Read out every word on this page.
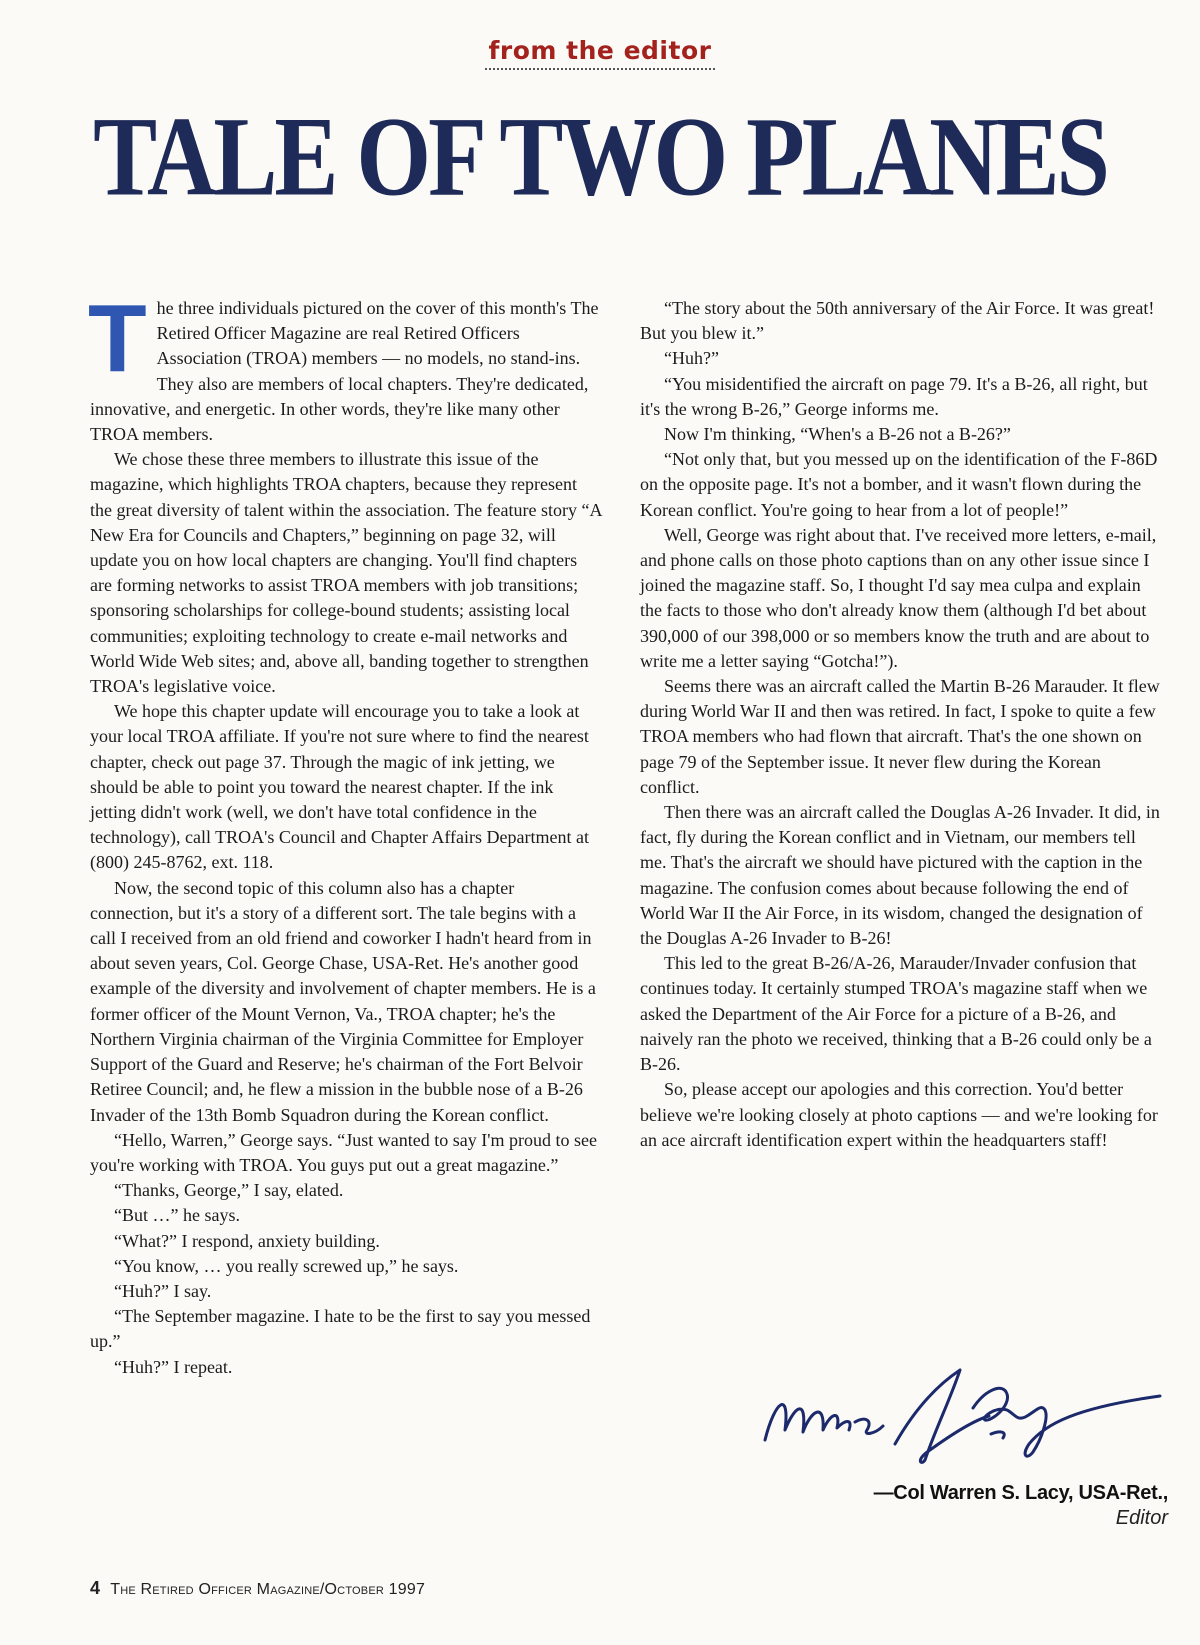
from the editor
TALE OF TWO PLANES

The three individuals pictured on the cover of this month's The Retired Officer Magazine are real Retired Officers Association (TROA) members — no models, no stand-ins. They also are members of local chapters. They're dedicated, innovative, and energetic. In other words, they're like many other TROA members.

We chose these three members to illustrate this issue of the magazine, which highlights TROA chapters, because they represent the great diversity of talent within the association. The feature story “A New Era for Councils and Chapters,” beginning on page 32, will update you on how local chapters are changing. You'll find chapters are forming networks to assist TROA members with job transitions; sponsoring scholarships for college-bound students; assisting local communities; exploiting technology to create e-mail networks and World Wide Web sites; and, above all, banding together to strengthen TROA's legislative voice.

We hope this chapter update will encourage you to take a look at your local TROA affiliate. If you're not sure where to find the nearest chapter, check out page 37. Through the magic of ink jetting, we should be able to point you toward the nearest chapter. If the ink jetting didn't work (well, we don't have total confidence in the technology), call TROA's Council and Chapter Affairs Department at (800) 245-8762, ext. 118.

Now, the second topic of this column also has a chapter connection, but it's a story of a different sort. The tale begins with a call I received from an old friend and coworker I hadn't heard from in about seven years, Col. George Chase, USA-Ret. He's another good example of the diversity and involvement of chapter members. He is a former officer of the Mount Vernon, Va., TROA chapter; he's the Northern Virginia chairman of the Virginia Committee for Employer Support of the Guard and Reserve; he's chairman of the Fort Belvoir Retiree Council; and, he flew a mission in the bubble nose of a B-26 Invader of the 13th Bomb Squadron during the Korean conflict.

“Hello, Warren,” George says. “Just wanted to say I'm proud to see you're working with TROA. You guys put out a great magazine.”

“Thanks, George,” I say, elated.

“But …” he says.

“What?” I respond, anxiety building.

“You know, … you really screwed up,” he says.

“Huh?” I say.

“The September magazine. I hate to be the first to say you messed up.”

“Huh?” I repeat.

“The story about the 50th anniversary of the Air Force. It was great! But you blew it.”

“Huh?”

“You misidentified the aircraft on page 79. It's a B-26, all right, but it's the wrong B-26,” George informs me.

Now I'm thinking, “When's a B-26 not a B-26?”

“Not only that, but you messed up on the identification of the F-86D on the opposite page. It's not a bomber, and it wasn't flown during the Korean conflict. You're going to hear from a lot of people!”

Well, George was right about that. I've received more letters, e-mail, and phone calls on those photo captions than on any other issue since I joined the magazine staff. So, I thought I'd say mea culpa and explain the facts to those who don't already know them (although I'd bet about 390,000 of our 398,000 or so members know the truth and are about to write me a letter saying “Gotcha!”).

Seems there was an aircraft called the Martin B-26 Marauder. It flew during World War II and then was retired. In fact, I spoke to quite a few TROA members who had flown that aircraft. That's the one shown on page 79 of the September issue. It never flew during the Korean conflict.

Then there was an aircraft called the Douglas A-26 Invader. It did, in fact, fly during the Korean conflict and in Vietnam, our members tell me. That's the aircraft we should have pictured with the caption in the magazine. The confusion comes about because following the end of World War II the Air Force, in its wisdom, changed the designation of the Douglas A-26 Invader to B-26!

This led to the great B-26/A-26, Marauder/Invader confusion that continues today. It certainly stumped TROA's magazine staff when we asked the Department of the Air Force for a picture of a B-26, and naively ran the photo we received, thinking that a B-26 could only be a B-26.

So, please accept our apologies and this correction. You'd better believe we're looking closely at photo captions — and we're looking for an ace aircraft identification expert within the headquarters staff!

—Col Warren S. Lacy, USA-Ret.,
Editor
4 The Retired Officer Magazine/October 1997
